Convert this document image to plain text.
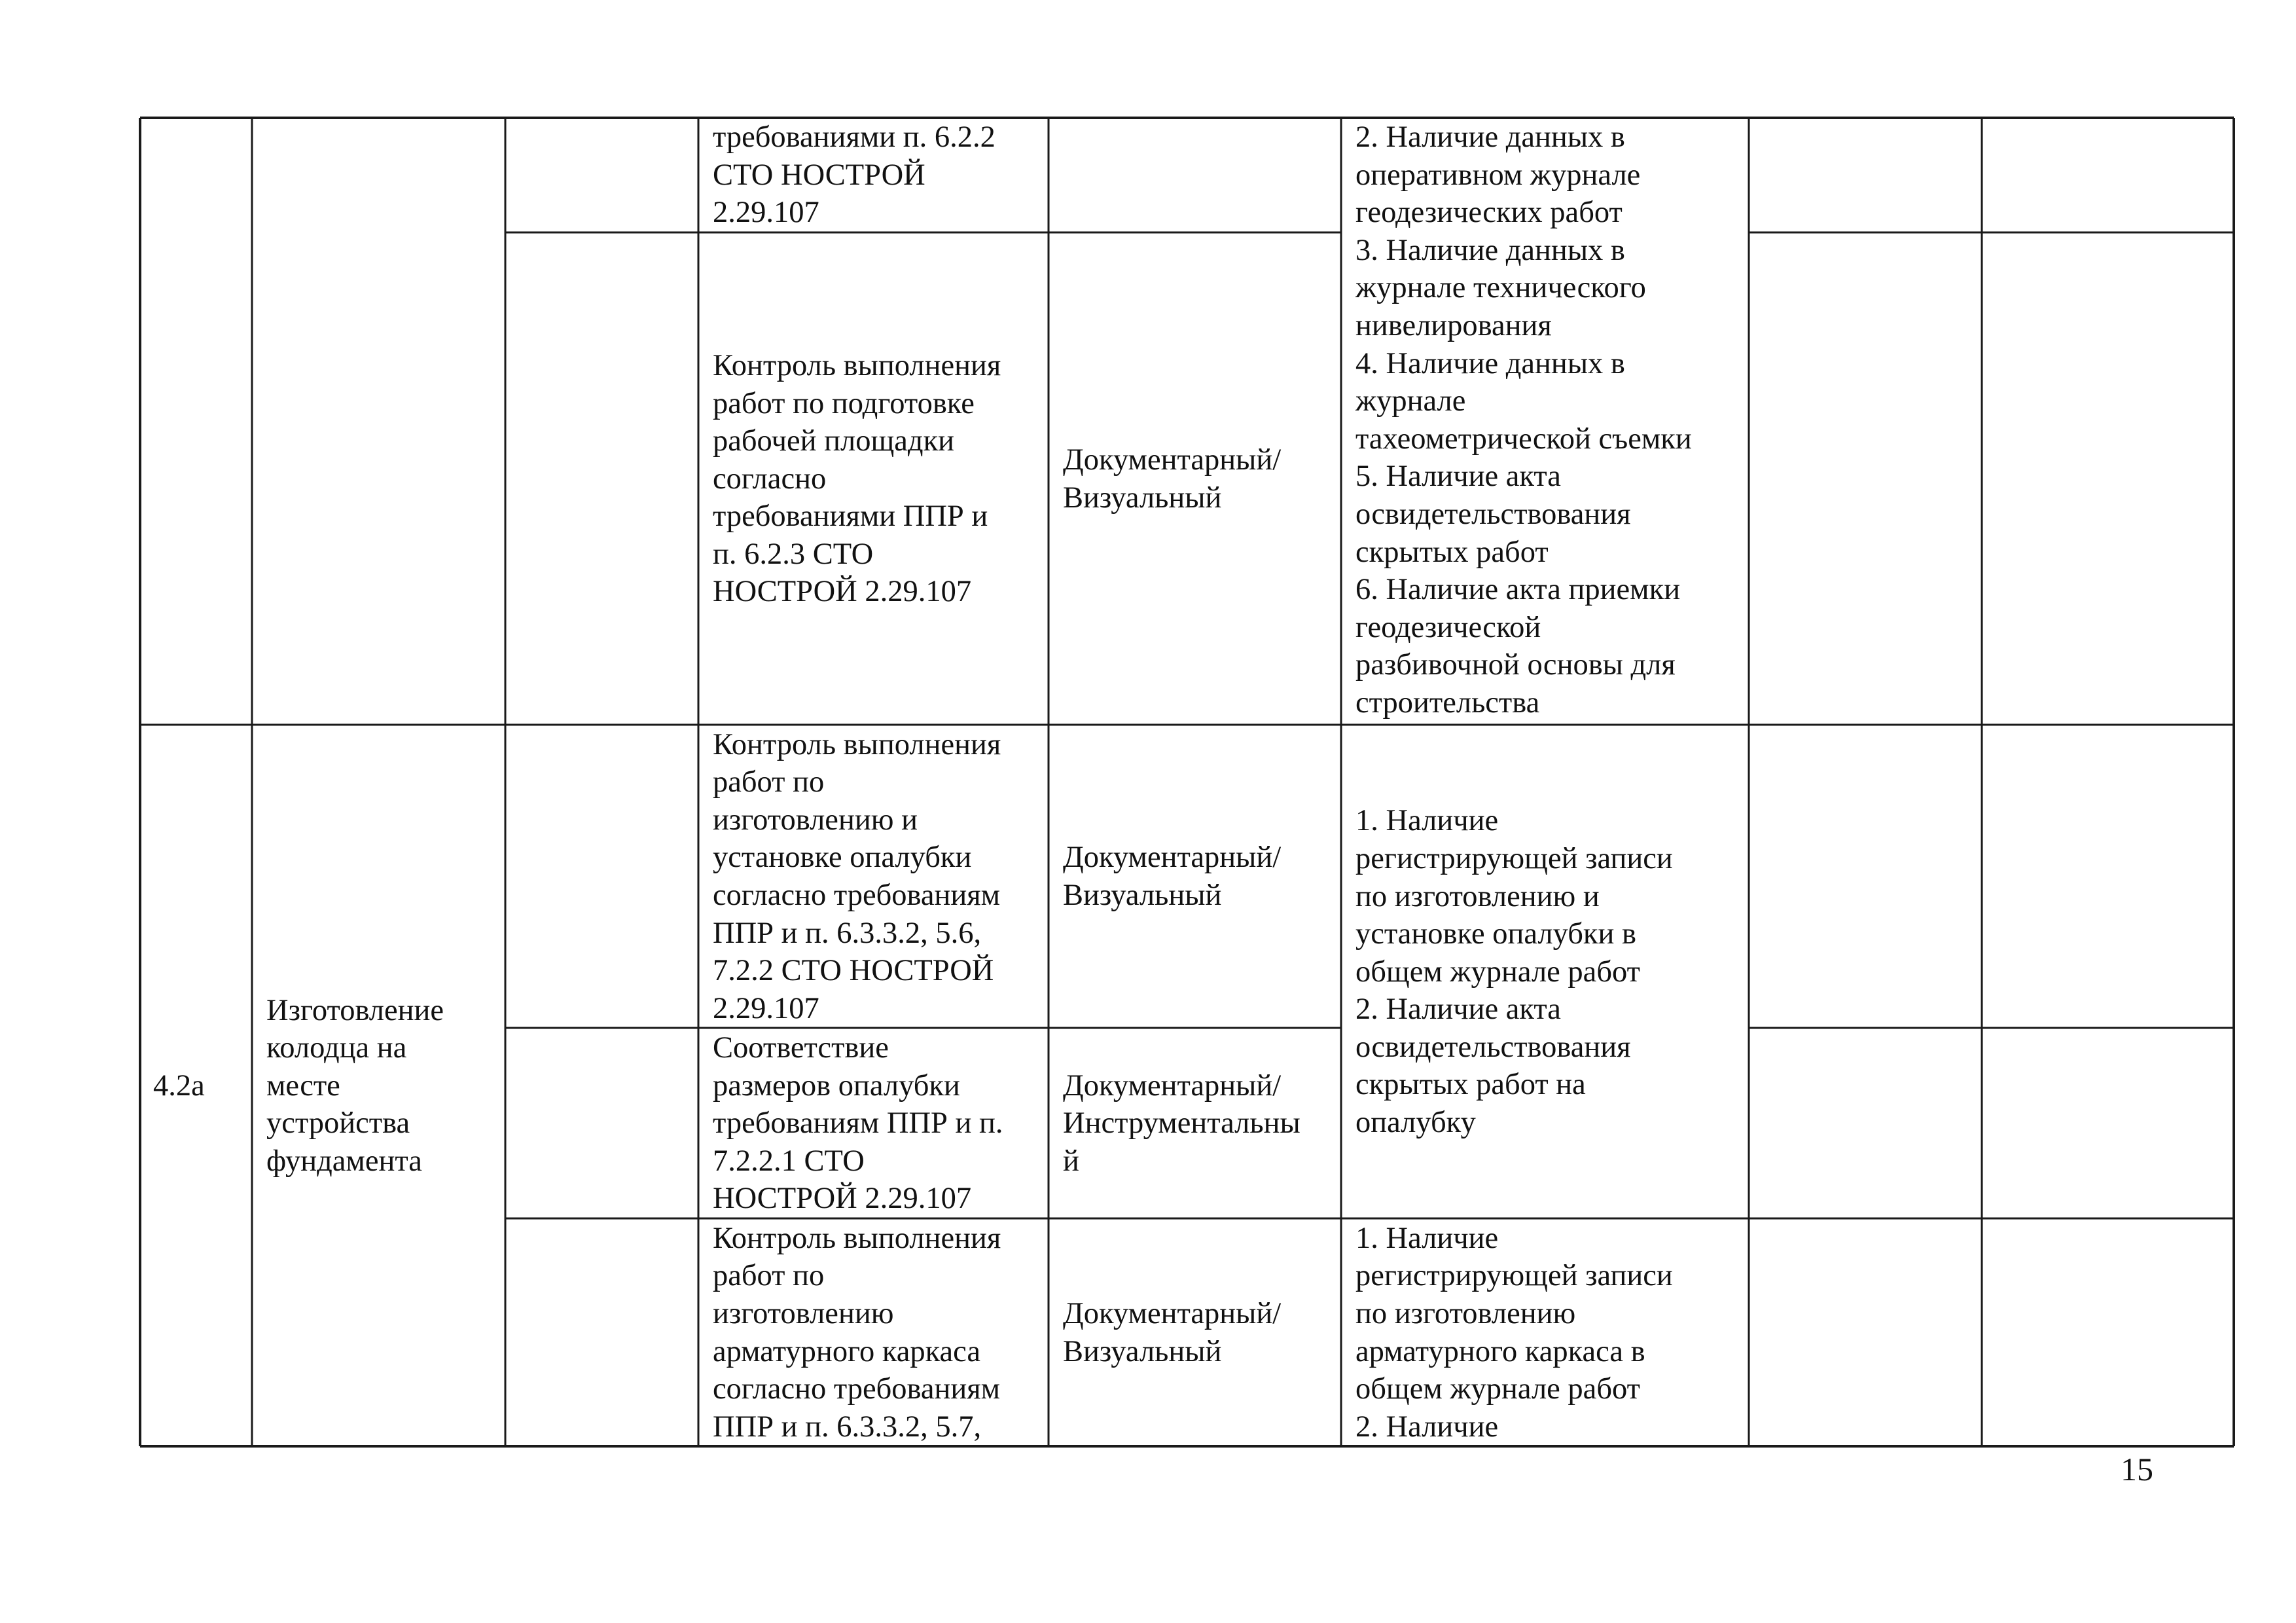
требованиями п. 6.2.2
СТО НОСТРОЙ
2.29.107
Контроль выполнения
работ по подготовке
рабочей площадки
согласно
требованиями ППР и
п. 6.2.3 СТО
НОСТРОЙ 2.29.107
Документарный/
Визуальный
2. Наличие данных в
оперативном журнале
геодезических работ
3. Наличие данных в
журнале технического
нивелирования
4. Наличие данных в
журнале
тахеометрической съемки
5. Наличие акта
освидетельствования
скрытых работ
6. Наличие акта приемки
геодезической
разбивочной основы для
строительства
4.2а
Изготовление
колодца на
месте
устройства
фундамента
Контроль выполнения
работ по
изготовлению и
установке опалубки
согласно требованиям
ППР и п. 6.3.3.2, 5.6,
7.2.2 СТО НОСТРОЙ
2.29.107
Документарный/
Визуальный
Соответствие
размеров опалубки
требованиям ППР и п.
7.2.2.1 СТО
НОСТРОЙ 2.29.107
Документарный/
Инструментальны
й
1. Наличие
регистрирующей записи
по изготовлению и
установке опалубки в
общем журнале работ
2. Наличие акта
освидетельствования
скрытых работ на
опалубку
Контроль выполнения
работ по
изготовлению
арматурного каркаса
согласно требованиям
ППР и п. 6.3.3.2, 5.7,
Документарный/
Визуальный
1. Наличие
регистрирующей записи
по изготовлению
арматурного каркаса в
общем журнале работ
2. Наличие
15
